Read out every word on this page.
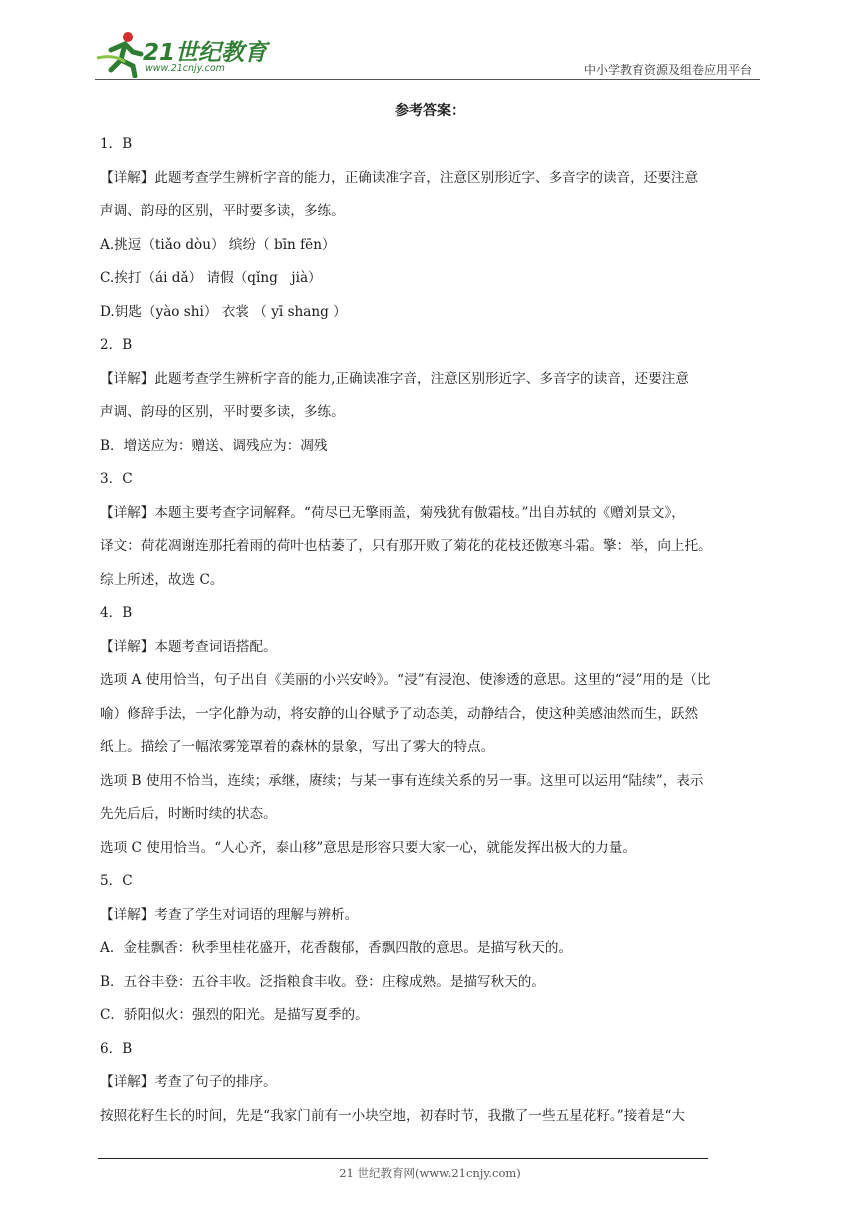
21世纪教育
www.21cnjy.com	中小学教育资源及组卷应用平台
参考答案：

1．B

【详解】此题考查学生辨析字音的能力，正确读准字音，注意区别形近字、多音字的读音，还要注意

声调、韵母的区别，平时要多读，多练。

A.挑逗（tiǎo dòu） 缤纷（ bīn fēn）

C.挨打（ái dǎ） 请假（qǐng　jià）

D.钥匙（yào shi） 衣裳 （ yī shang ）

2．B

【详解】此题考查学生辨析字音的能力,正确读准字音，注意区别形近字、多音字的读音，还要注意

声调、韵母的区别，平时要多读，多练。

B．增送应为：赠送、调残应为：凋残

3．C

【详解】本题主要考查字词解释。“荷尽已无擎雨盖，菊残犹有傲霜枝。”出自苏轼的《赠刘景文》，

译文：荷花凋谢连那托着雨的荷叶也枯萎了，只有那开败了菊花的花枝还傲寒斗霜。擎：举，向上托。

综上所述，故选 C。

4．B

【详解】本题考查词语搭配。

选项 A 使用恰当，句子出自《美丽的小兴安岭》。“浸”有浸泡、使渗透的意思。这里的“浸”用的是（比

喻）修辞手法，一字化静为动，将安静的山谷赋予了动态美，动静结合，使这种美感油然而生，跃然

纸上。描绘了一幅浓雾笼罩着的森林的景象，写出了雾大的特点。

选项 B 使用不恰当，连续；承继，赓续；与某一事有连续关系的另一事。这里可以运用“陆续”，表示

先先后后，时断时续的状态。

选项 C 使用恰当。“人心齐，泰山移”意思是形容只要大家一心，就能发挥出极大的力量。

5．C

【详解】考查了学生对词语的理解与辨析。

A．金桂飘香：秋季里桂花盛开，花香馥郁，香飘四散的意思。是描写秋天的。

B．五谷丰登：五谷丰收。泛指粮食丰收。登：庄稼成熟。是描写秋天的。

C．骄阳似火：强烈的阳光。是描写夏季的。

6．B

【详解】考查了句子的排序。

按照花籽生长的时间，先是“我家门前有一小块空地，初春时节，我撒了一些五星花籽。”接着是“大

21 世纪教育网(www.21cnjy.com)
